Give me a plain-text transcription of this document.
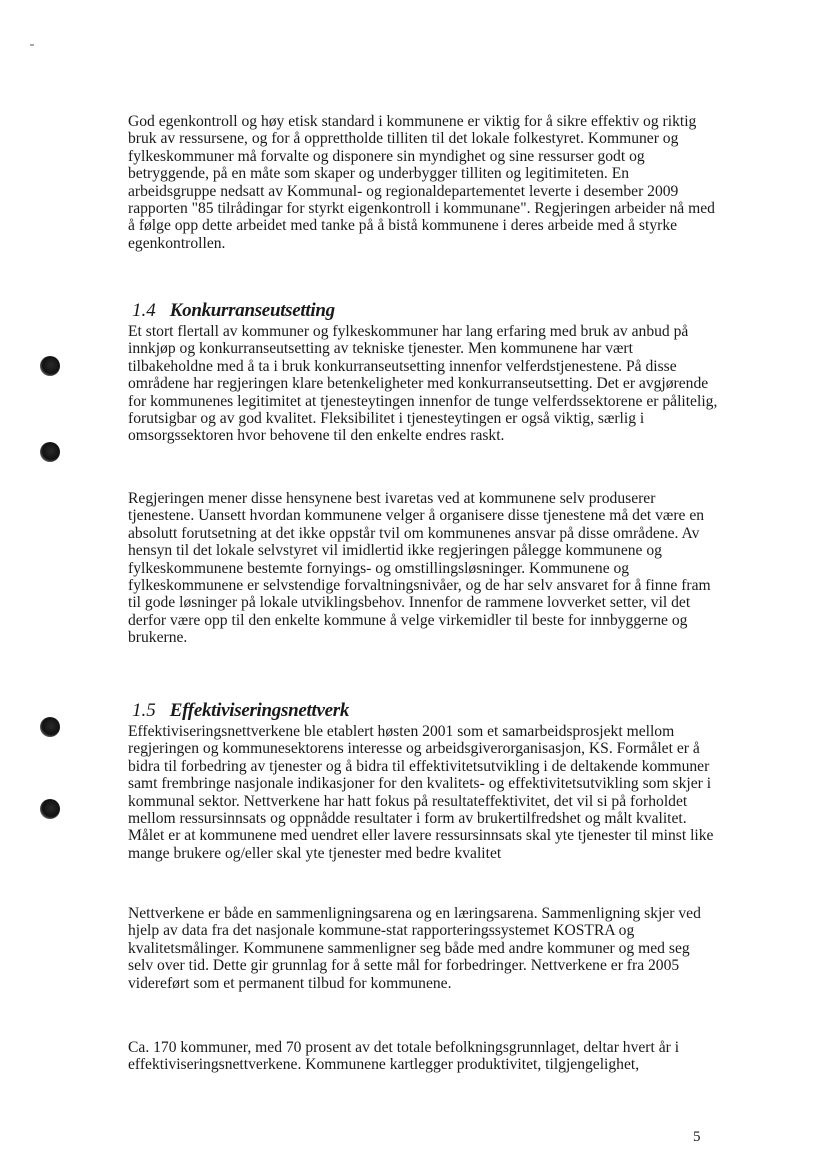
God egenkontroll og høy etisk standard i kommunene er viktig for å sikre effektiv og riktig bruk av ressursene, og for å opprettholde tilliten til det lokale folkestyret. Kommuner og fylkeskommuner må forvalte og disponere sin myndighet og sine ressurser godt og betryggende, på en måte som skaper og underbygger tilliten og legitimiteten. En arbeidsgruppe nedsatt av Kommunal- og regionaldepartementet leverte i desember 2009 rapporten "85 tilrådingar for styrkt eigenkontroll i kommunane". Regjeringen arbeider nå med å følge opp dette arbeidet med tanke på å bistå kommunene i deres arbeide med å styrke egenkontrollen.

1.4 Konkurranseutsetting

Et stort flertall av kommuner og fylkeskommuner har lang erfaring med bruk av anbud på innkjøp og konkurranseutsetting av tekniske tjenester. Men kommunene har vært tilbakeholdne med å ta i bruk konkurranseutsetting innenfor velferdstjenestene. På disse områdene har regjeringen klare betenkeligheter med konkurranseutsetting. Det er avgjørende for kommunenes legitimitet at tjenesteytingen innenfor de tunge velferdssektorene er pålitelig, forutsigbar og av god kvalitet. Fleksibilitet i tjenesteytingen er også viktig, særlig i omsorgssektoren hvor behovene til den enkelte endres raskt.

Regjeringen mener disse hensynene best ivaretas ved at kommunene selv produserer tjenestene. Uansett hvordan kommunene velger å organisere disse tjenestene må det være en absolutt forutsetning at det ikke oppstår tvil om kommunenes ansvar på disse områdene. Av hensyn til det lokale selvstyret vil imidlertid ikke regjeringen pålegge kommunene og fylkeskommunene bestemte fornyings- og omstillingsløsninger. Kommunene og fylkeskommunene er selvstendige forvaltningsnivåer, og de har selv ansvaret for å finne fram til gode løsninger på lokale utviklingsbehov. Innenfor de rammene lovverket setter, vil det derfor være opp til den enkelte kommune å velge virkemidler til beste for innbyggerne og brukerne.

1.5 Effektiviseringsnettverk

Effektiviseringsnettverkene ble etablert høsten 2001 som et samarbeidsprosjekt mellom regjeringen og kommunesektorens interesse og arbeidsgiverorganisasjon, KS. Formålet er å bidra til forbedring av tjenester og å bidra til effektivitetsutvikling i de deltakende kommuner samt frembringe nasjonale indikasjoner for den kvalitets- og effektivitetsutvikling som skjer i kommunal sektor. Nettverkene har hatt fokus på resultateffektivitet, det vil si på forholdet mellom ressursinnsats og oppnådde resultater i form av brukertilfredshet og målt kvalitet. Målet er at kommunene med uendret eller lavere ressursinnsats skal yte tjenester til minst like mange brukere og/eller skal yte tjenester med bedre kvalitet

Nettverkene er både en sammenligningsarena og en læringsarena. Sammenligning skjer ved hjelp av data fra det nasjonale kommune-stat rapporteringssystemet KOSTRA og kvalitetsmålinger. Kommunene sammenligner seg både med andre kommuner og med seg selv over tid. Dette gir grunnlag for å sette mål for forbedringer. Nettverkene er fra 2005 videreført som et permanent tilbud for kommunene.

Ca. 170 kommuner, med 70 prosent av det totale befolkningsgrunnlaget, deltar hvert år i effektiviseringsnettverkene. Kommunene kartlegger produktivitet, tilgjengelighet,

5
